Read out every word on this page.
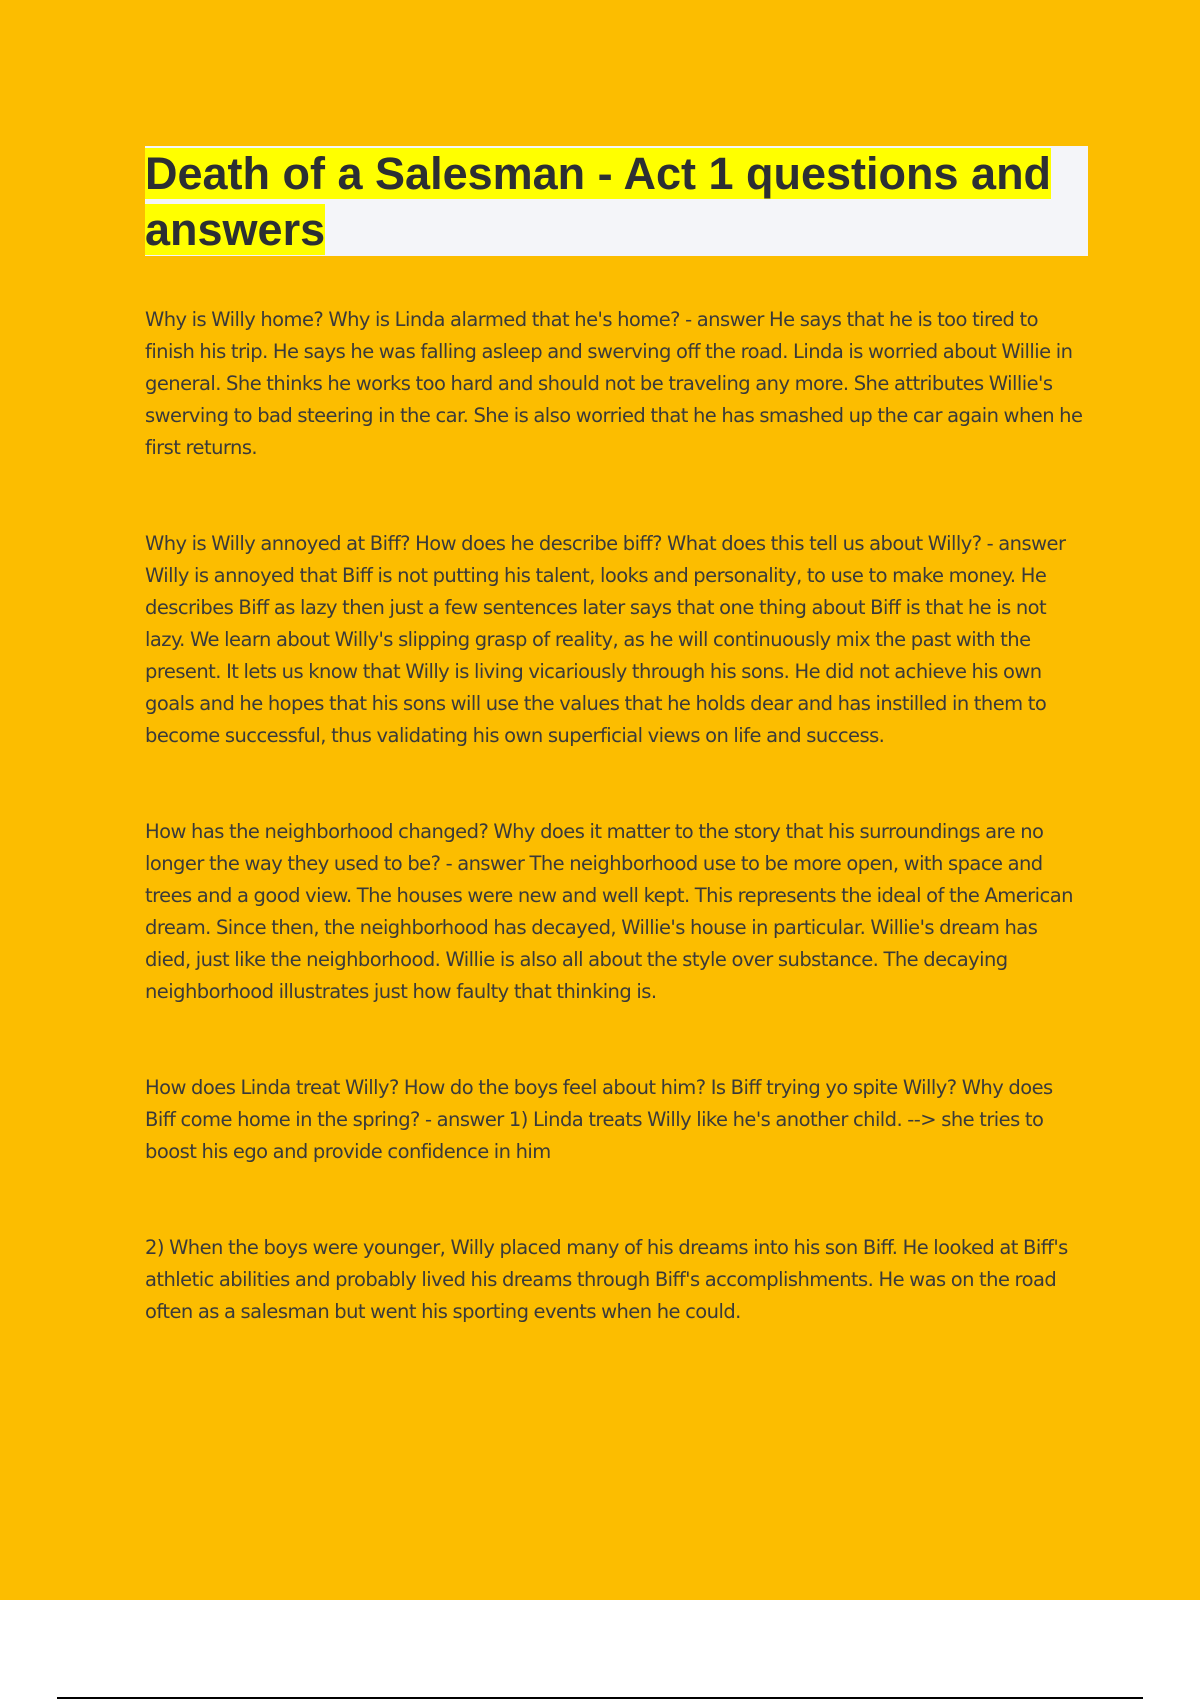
Death of a Salesman - Act 1 questions and answers

Why is Willy home? Why is Linda alarmed that he's home? - answer He says that he is too tired to finish his trip. He says he was falling asleep and swerving off the road. Linda is worried about Willie in general. She thinks he works too hard and should not be traveling any more. She attributes Willie's swerving to bad steering in the car. She is also worried that he has smashed up the car again when he first returns.

Why is Willy annoyed at Biff? How does he describe biff? What does this tell us about Willy? - answer Willy is annoyed that Biff is not putting his talent, looks and personality, to use to make money. He describes Biff as lazy then just a few sentences later says that one thing about Biff is that he is not lazy. We learn about Willy's slipping grasp of reality, as he will continuously mix the past with the present. It lets us know that Willy is living vicariously through his sons. He did not achieve his own goals and he hopes that his sons will use the values that he holds dear and has instilled in them to become successful, thus validating his own superficial views on life and success.

How has the neighborhood changed? Why does it matter to the story that his surroundings are no longer the way they used to be? - answer The neighborhood use to be more open, with space and trees and a good view. The houses were new and well kept. This represents the ideal of the American dream. Since then, the neighborhood has decayed, Willie's house in particular. Willie's dream has died, just like the neighborhood. Willie is also all about the style over substance. The decaying neighborhood illustrates just how faulty that thinking is.

How does Linda treat Willy? How do the boys feel about him? Is Biff trying yo spite Willy? Why does Biff come home in the spring? - answer 1) Linda treats Willy like he's another child. --> she tries to boost his ego and provide confidence in him

2) When the boys were younger, Willy placed many of his dreams into his son Biff. He looked at Biff's athletic abilities and probably lived his dreams through Biff's accomplishments. He was on the road often as a salesman but went his sporting events when he could.
